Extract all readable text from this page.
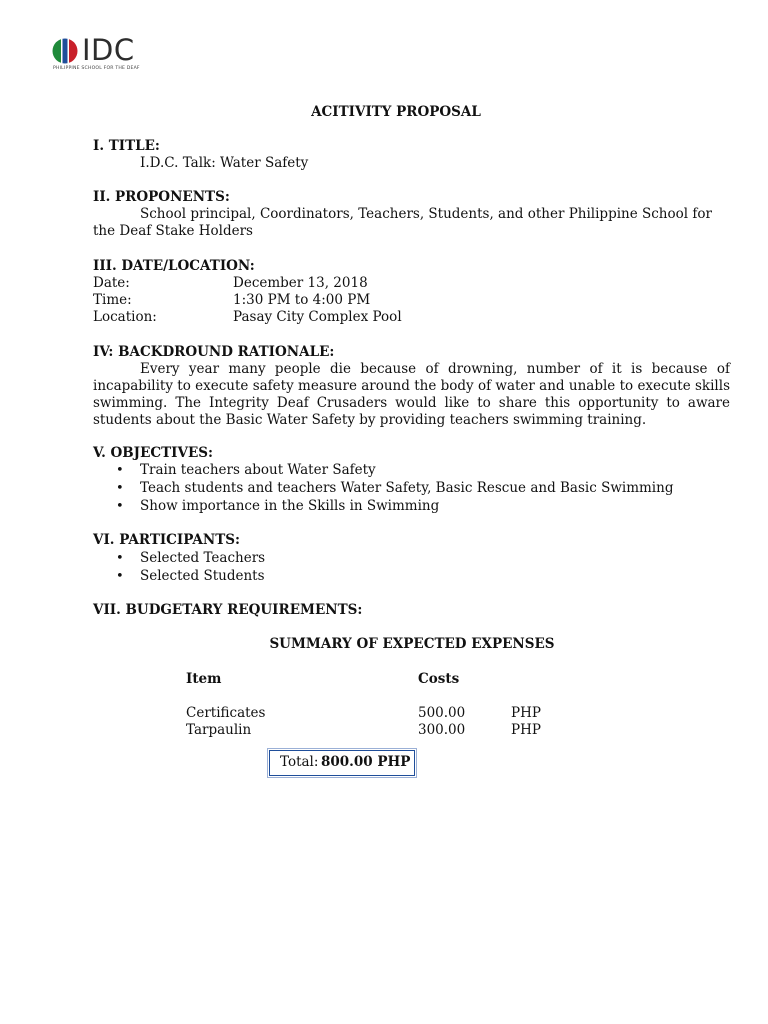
IDC
PHILIPPINE SCHOOL FOR THE DEAF
ACITIVITY PROPOSAL
I. TITLE:
I.D.C. Talk: Water Safety
II. PROPONENTS:
School principal, Coordinators, Teachers, Students, and other Philippine School for the Deaf Stake Holders
III. DATE/LOCATION:
Date:	December 13, 2018
Time:	1:30 PM to 4:00 PM
Location:	Pasay City Complex Pool
IV: BACKDROUND RATIONALE:
Every year many people die because of drowning, number of it is because of incapability to execute safety measure around the body of water and unable to execute skills swimming. The Integrity Deaf Crusaders would like to share this opportunity to aware students about the Basic Water Safety by providing teachers swimming training.
V. OBJECTIVES:
• Train teachers about Water Safety
• Teach students and teachers Water Safety, Basic Rescue and Basic Swimming
• Show importance in the Skills in Swimming
VI. PARTICIPANTS:
• Selected Teachers
• Selected Students
VII. BUDGETARY REQUIREMENTS:
SUMMARY OF EXPECTED EXPENSES
Item	Costs
Certificates	500.00	PHP
Tarpaulin	300.00	PHP
Total: 800.00 PHP
